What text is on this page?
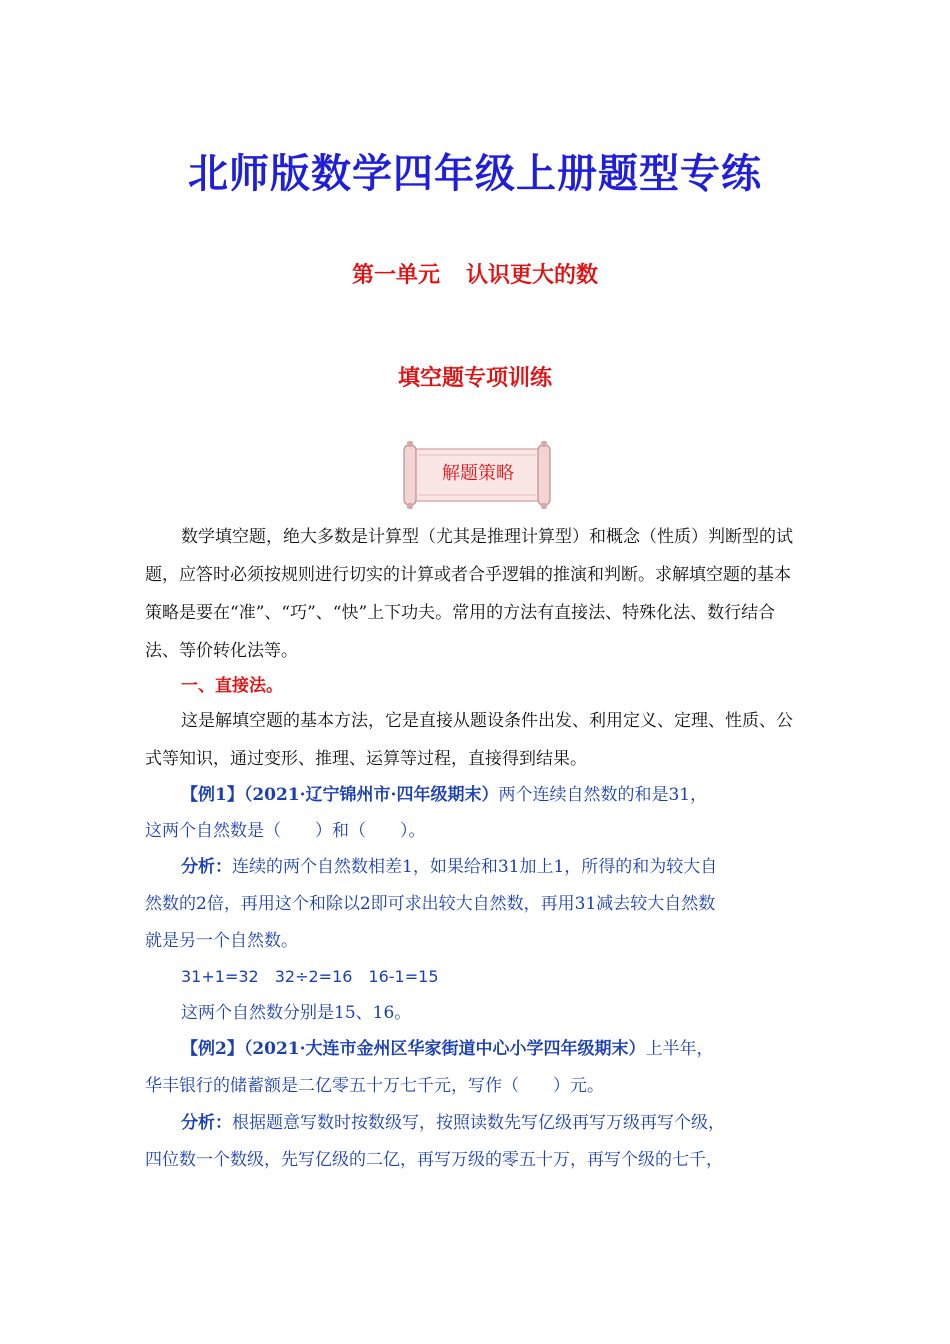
北师版数学四年级上册题型专练
第一单元 认识更大的数
填空题专项训练
解题策略

数学填空题，绝大多数是计算型（尤其是推理计算型）和概念（性质）判断型的试题，应答时必须按规则进行切实的计算或者合乎逻辑的推演和判断。求解填空题的基本策略是要在“准”、“巧”、“快”上下功夫。常用的方法有直接法、特殊化法、数行结合法、等价转化法等。

一、直接法。

这是解填空题的基本方法，它是直接从题设条件出发、利用定义、定理、性质、公式等知识，通过变形、推理、运算等过程，直接得到结果。

【例1】（2021·辽宁锦州市·四年级期末）两个连续自然数的和是31，
这两个自然数是（　　）和（　　）。
分析：连续的两个自然数相差1，如果给和31加上1，所得的和为较大自
然数的2倍，再用这个和除以2即可求出较大自然数，再用31减去较大自然数
就是另一个自然数。
31+1=32　32÷2=16　16-1=15
这两个自然数分别是15、16。
【例2】（2021·大连市金州区华家街道中心小学四年级期末）上半年，
华丰银行的储蓄额是二亿零五十万七千元，写作（　　）元。
分析：根据题意写数时按数级写，按照读数先写亿级再写万级再写个级，
四位数一个数级，先写亿级的二亿，再写万级的零五十万，再写个级的七千，
